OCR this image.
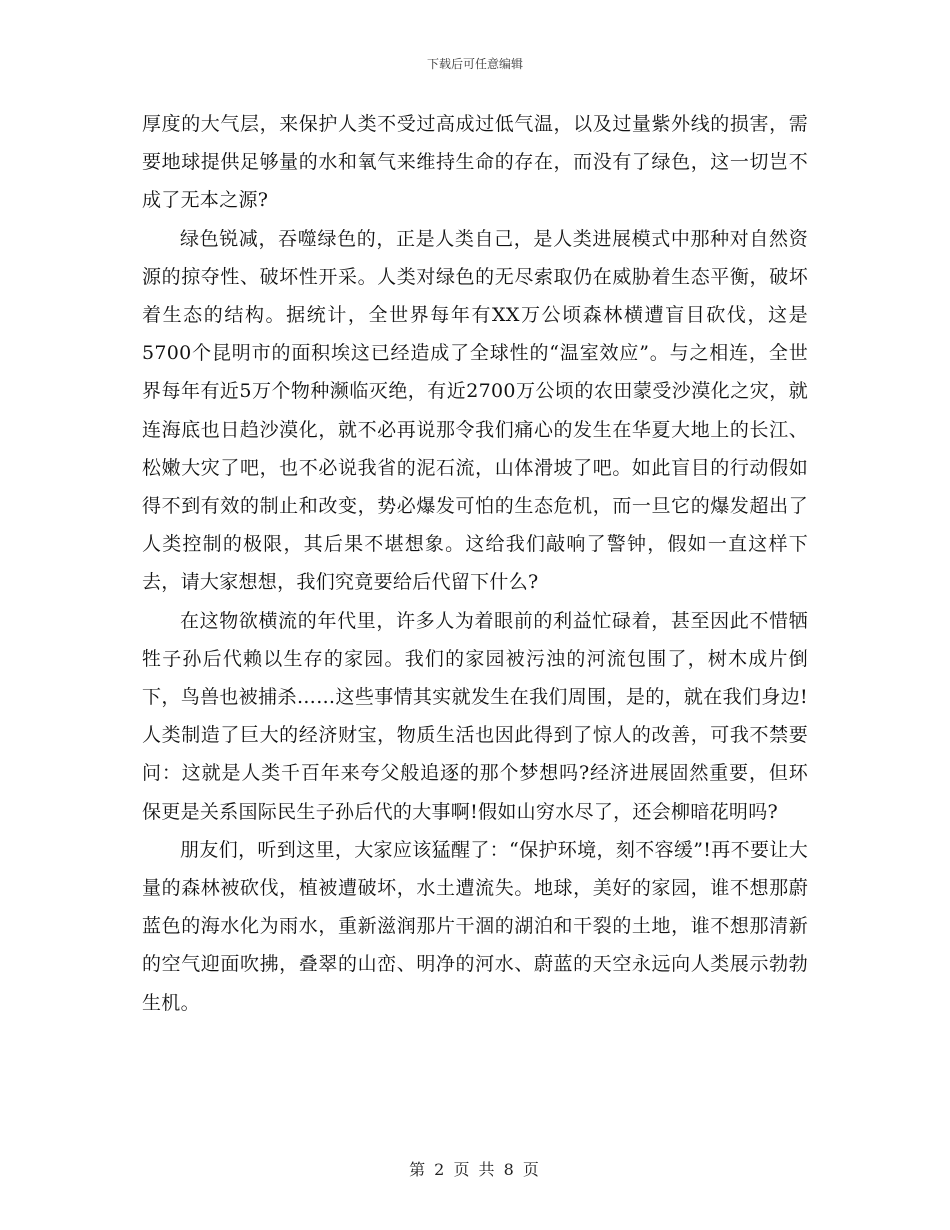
下载后可任意编辑

厚度的大气层，来保护人类不受过高成过低气温，以及过量紫外线的损害，需要地球提供足够量的水和氧气来维持生命的存在，而没有了绿色，这一切岂不成了无本之源?

绿色锐减，吞噬绿色的，正是人类自己，是人类进展模式中那种对自然资源的掠夺性、破坏性开采。人类对绿色的无尽索取仍在威胁着生态平衡，破坏着生态的结构。据统计，全世界每年有XX万公顷森林横遭盲目砍伐，这是5700个昆明市的面积埃这已经造成了全球性的“温室效应”。与之相连，全世界每年有近5万个物种濒临灭绝，有近2700万公顷的农田蒙受沙漠化之灾，就连海底也日趋沙漠化，就不必再说那令我们痛心的发生在华夏大地上的长江、松嫩大灾了吧，也不必说我省的泥石流，山体滑坡了吧。如此盲目的行动假如得不到有效的制止和改变，势必爆发可怕的生态危机，而一旦它的爆发超出了人类控制的极限，其后果不堪想象。这给我们敲响了警钟，假如一直这样下去，请大家想想，我们究竟要给后代留下什么?

在这物欲横流的年代里，许多人为着眼前的利益忙碌着，甚至因此不惜牺牲子孙后代赖以生存的家园。我们的家园被污浊的河流包围了，树木成片倒下，鸟兽也被捕杀……这些事情其实就发生在我们周围，是的，就在我们身边!人类制造了巨大的经济财宝，物质生活也因此得到了惊人的改善，可我不禁要问：这就是人类千百年来夸父般追逐的那个梦想吗?经济进展固然重要，但环保更是关系国际民生子孙后代的大事啊!假如山穷水尽了，还会柳暗花明吗?

朋友们，听到这里，大家应该猛醒了：“保护环境，刻不容缓”!再不要让大量的森林被砍伐，植被遭破坏，水土遭流失。地球，美好的家园，谁不想那蔚蓝色的海水化为雨水，重新滋润那片干涸的湖泊和干裂的土地，谁不想那清新的空气迎面吹拂，叠翠的山峦、明净的河水、蔚蓝的天空永远向人类展示勃勃生机。

第 2 页 共 8 页
